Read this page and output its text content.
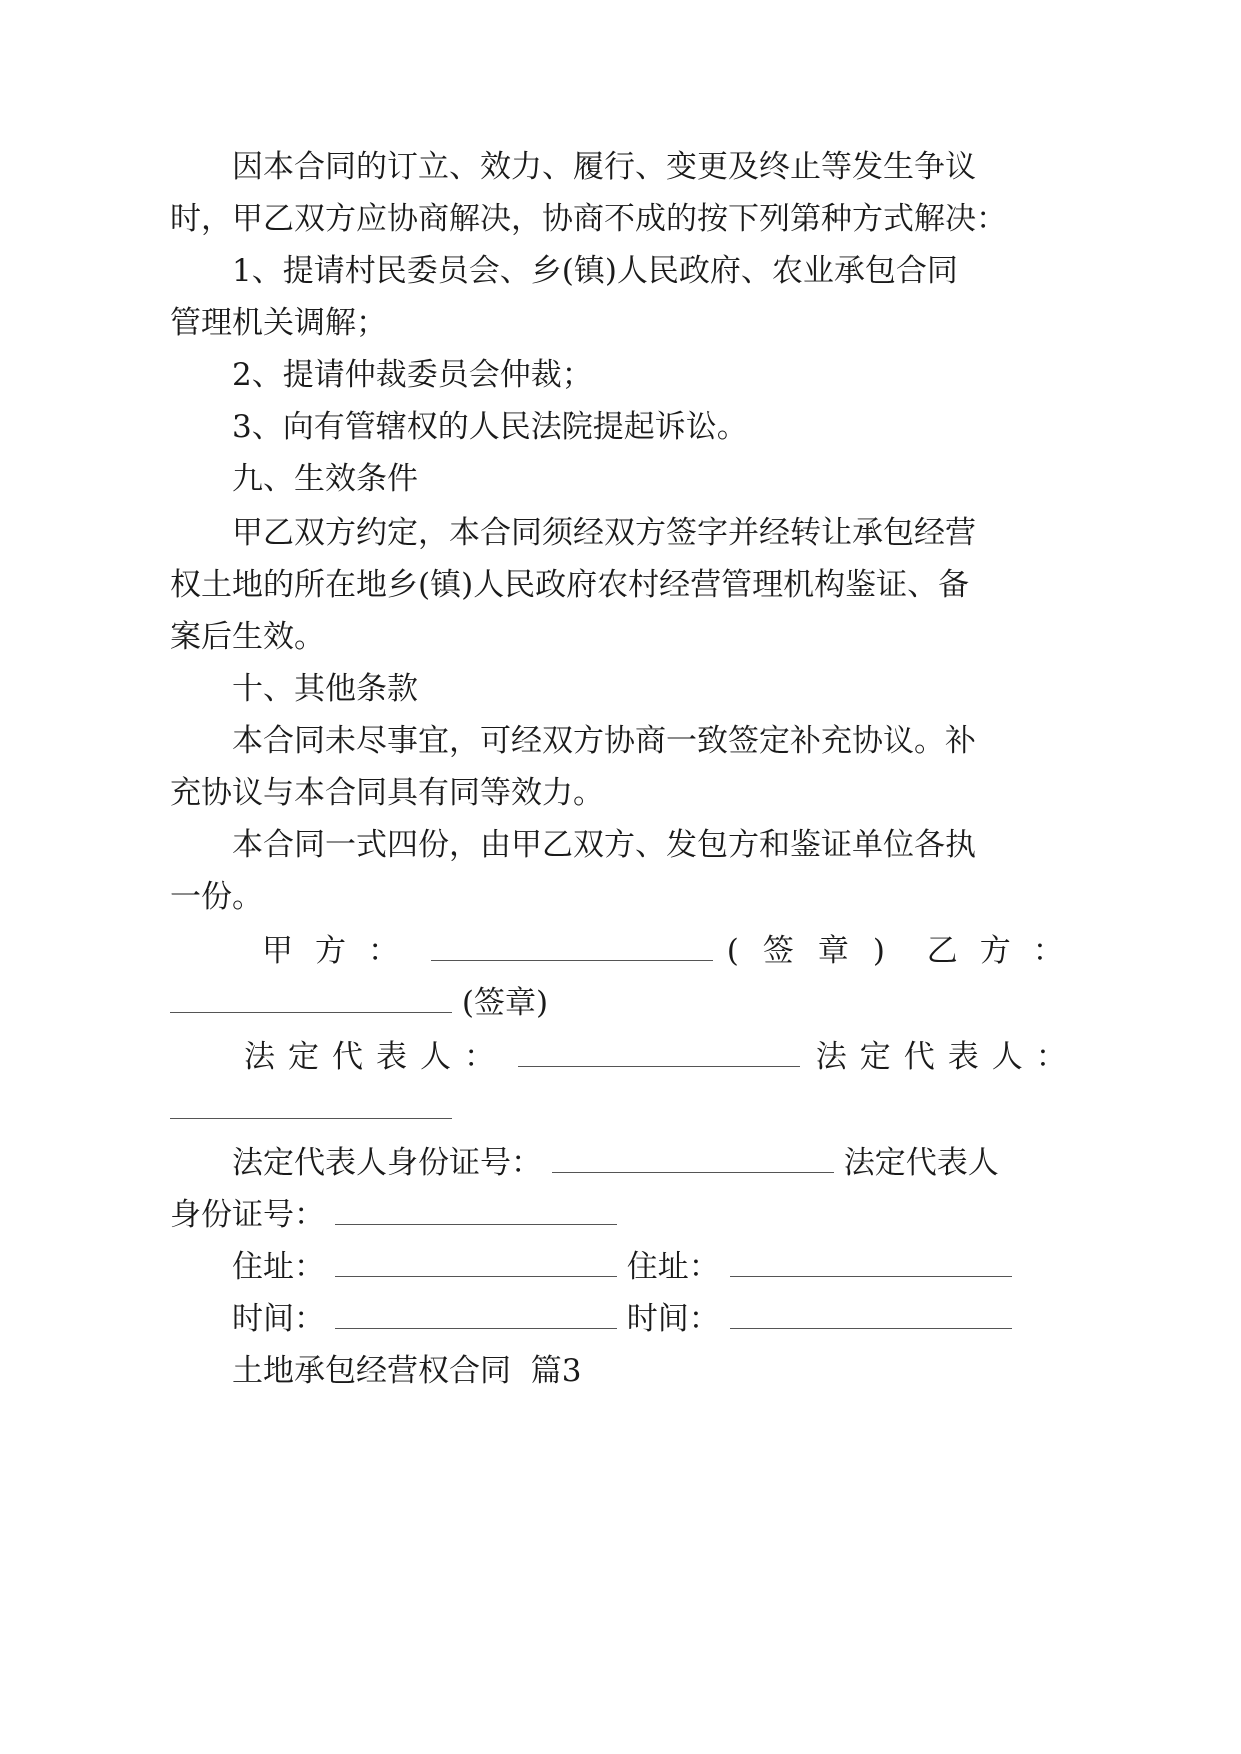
因本合同的订立、效力、履行、变更及终止等发生争议
时，甲乙双方应协商解决，协商不成的按下列第种方式解决：
1、提请村民委员会、乡(镇)人民政府、农业承包合同
管理机关调解；
2、提请仲裁委员会仲裁；
3、向有管辖权的人民法院提起诉讼。
九、生效条件
甲乙双方约定，本合同须经双方签字并经转让承包经营
权土地的所在地乡(镇)人民政府农村经营管理机构鉴证、备
案后生效。
十、其他条款
本合同未尽事宜，可经双方协商一致签定补充协议。补
充协议与本合同具有同等效力。
本合同一式四份，由甲乙双方、发包方和鉴证单位各执
一份。
甲方：	(签章) 乙方：
(签章)
法定代表人：	法定代表人：
法定代表人身份证号：	法定代表人
身份证号：
住址：	住址：
时间：	时间：
土地承包经营权合同  篇3
